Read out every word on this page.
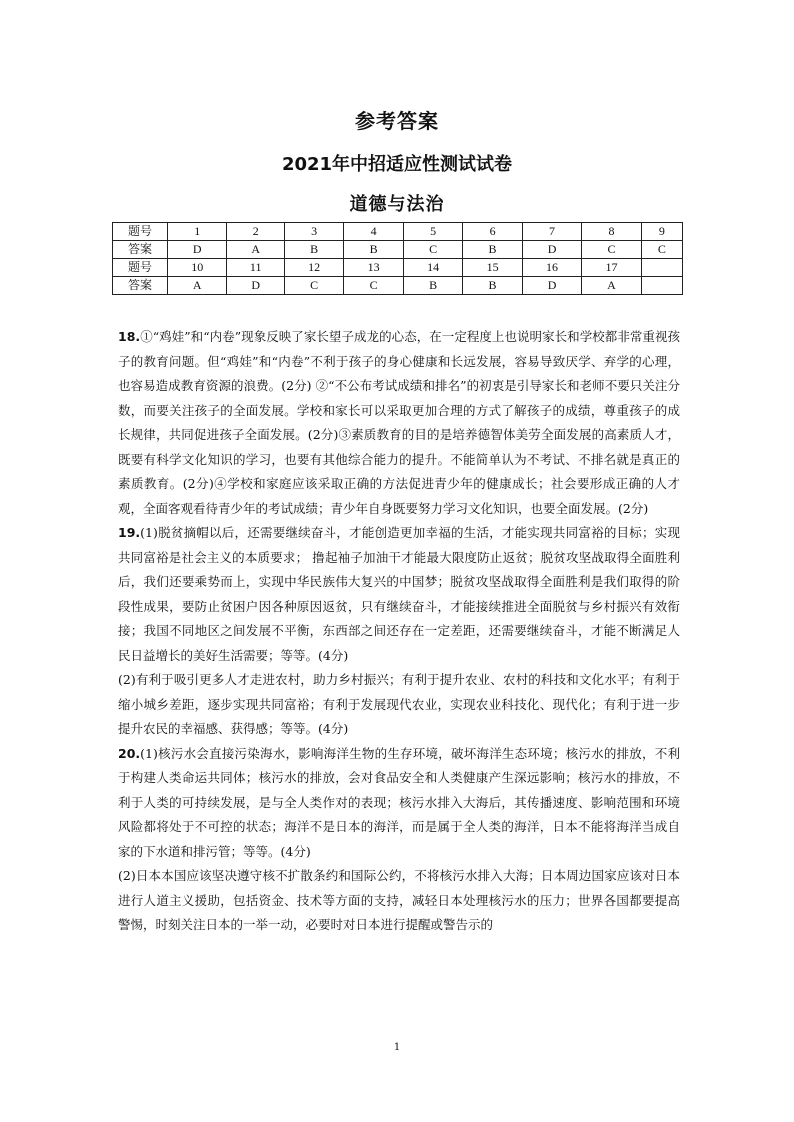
参考答案
2021年中招适应性测试试卷
道德与法治
题号	1	2	3	4	5	6	7	8	9
答案	D	A	B	B	C	B	D	C	C
题号	10	11	12	13	14	15	16	17	
答案	A	D	C	C	B	B	D	A	

18.①“鸡娃”和“内卷”现象反映了家长望子成龙的心态，在一定程度上也说明家长和学校都非常重视孩子的教育问题。但“鸡娃”和“内卷”不利于孩子的身心健康和长远发展，容易导致厌学、弃学的心理，也容易造成教育资源的浪费。(2分) ②“不公布考试成绩和排名”的初衷是引导家长和老师不要只关注分数，而要关注孩子的全面发展。学校和家长可以采取更加合理的方式了解孩子的成绩，尊重孩子的成长规律，共同促进孩子全面发展。(2分)③素质教育的目的是培养德智体美劳全面发展的高素质人才，既要有科学文化知识的学习，也要有其他综合能力的提升。不能简单认为不考试、不排名就是真正的素质教育。(2分)④学校和家庭应该采取正确的方法促进青少年的健康成长；社会要形成正确的人才观，全面客观看待青少年的考试成绩；青少年自身既要努力学习文化知识，也要全面发展。(2分)

19.(1)脱贫摘帽以后，还需要继续奋斗，才能创造更加幸福的生活，才能实现共同富裕的目标；实现共同富裕是社会主义的本质要求； 撸起袖子加油干才能最大限度防止返贫；脱贫攻坚战取得全面胜利后，我们还要乘势而上，实现中华民族伟大复兴的中国梦；脱贫攻坚战取得全面胜利是我们取得的阶段性成果，要防止贫困户因各种原因返贫，只有继续奋斗，才能接续推进全面脱贫与乡村振兴有效衔接；我国不同地区之间发展不平衡，东西部之间还存在一定差距，还需要继续奋斗，才能不断满足人民日益增长的美好生活需要；等等。(4分)

(2)有利于吸引更多人才走进农村，助力乡村振兴；有利于提升农业、农村的科技和文化水平；有利于缩小城乡差距，逐步实现共同富裕；有利于发展现代农业，实现农业科技化、现代化；有利于进一步提升农民的幸福感、获得感；等等。(4分)

20.(1)核污水会直接污染海水，影响海洋生物的生存环境，破坏海洋生态环境；核污水的排放，不利于构建人类命运共同体；核污水的排放，会对食品安全和人类健康产生深远影响；核污水的排放，不利于人类的可持续发展，是与全人类作对的表现；核污水排入大海后，其传播速度、影响范围和环境风险都将处于不可控的状态；海洋不是日本的海洋，而是属于全人类的海洋，日本不能将海洋当成自家的下水道和排污管；等等。(4分)

(2)日本本国应该坚决遵守核不扩散条约和国际公约，不将核污水排入大海；日本周边国家应该对日本进行人道主义援助，包括资金、技术等方面的支持，减轻日本处理核污水的压力；世界各国都要提高警惕，时刻关注日本的一举一动，必要时对日本进行提醒或警告示的

1
